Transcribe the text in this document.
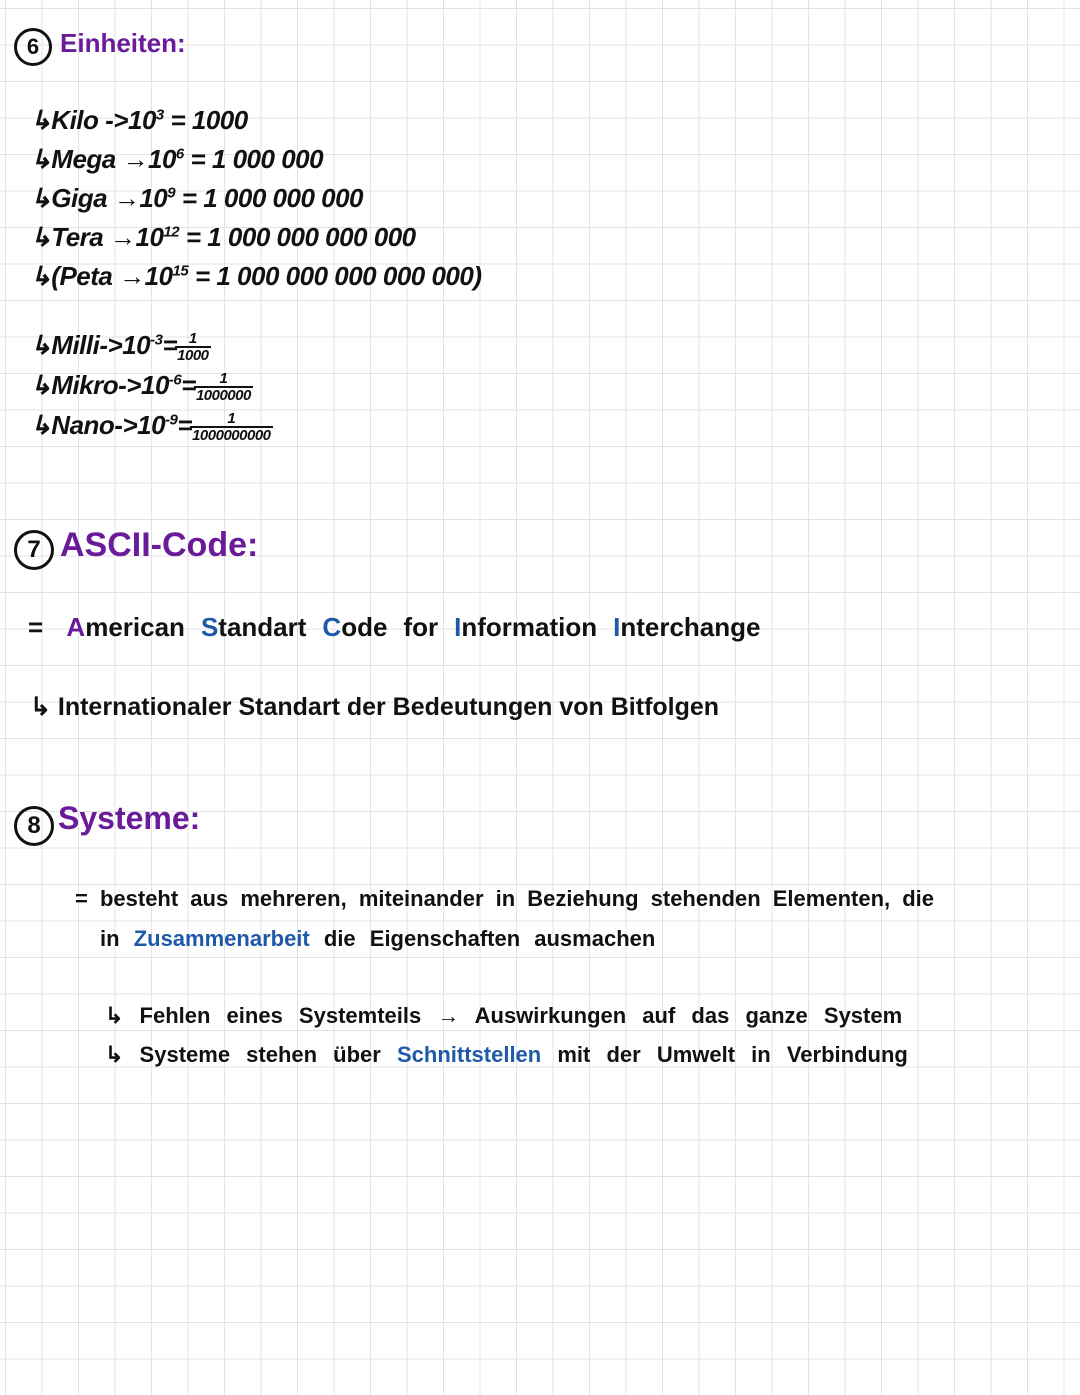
6 Einheiten:
↳Kilo $->10^3 = 1000$
↳Mega $\to 10^6 = 1$ 000 000
↳Giga $\to 10^9 = 1$ 000 000 000
↳Tera $\to 10^{12} = 1$ 000 000 000 000
↳(Peta $\to 10^{15} = 1$ 000 000 000 000 000)
$↳Milli->10^{-3}= \frac{1}{1000}$
$↳Mikro->10^{-6}= \frac{1}{1000000}$
$↳Nano->10^{-9}= \frac{1}{1000000000}$
7 ASCII-Code:
= American Standart Code for Information Interchange
↳ Internationaler Standart der Bedeutungen von Bitfolgen
8 Systeme:
= besteht aus mehreren, miteinander in Beziehung stehenden Elementen, die
in Zusammenarbeit die Eigenschaften ausmachen
↳ Fehlen eines Systemteils → Auswirkungen auf das ganze System
↳ Systeme stehen über Schnittstellen mit der Umwelt in Verbindung
